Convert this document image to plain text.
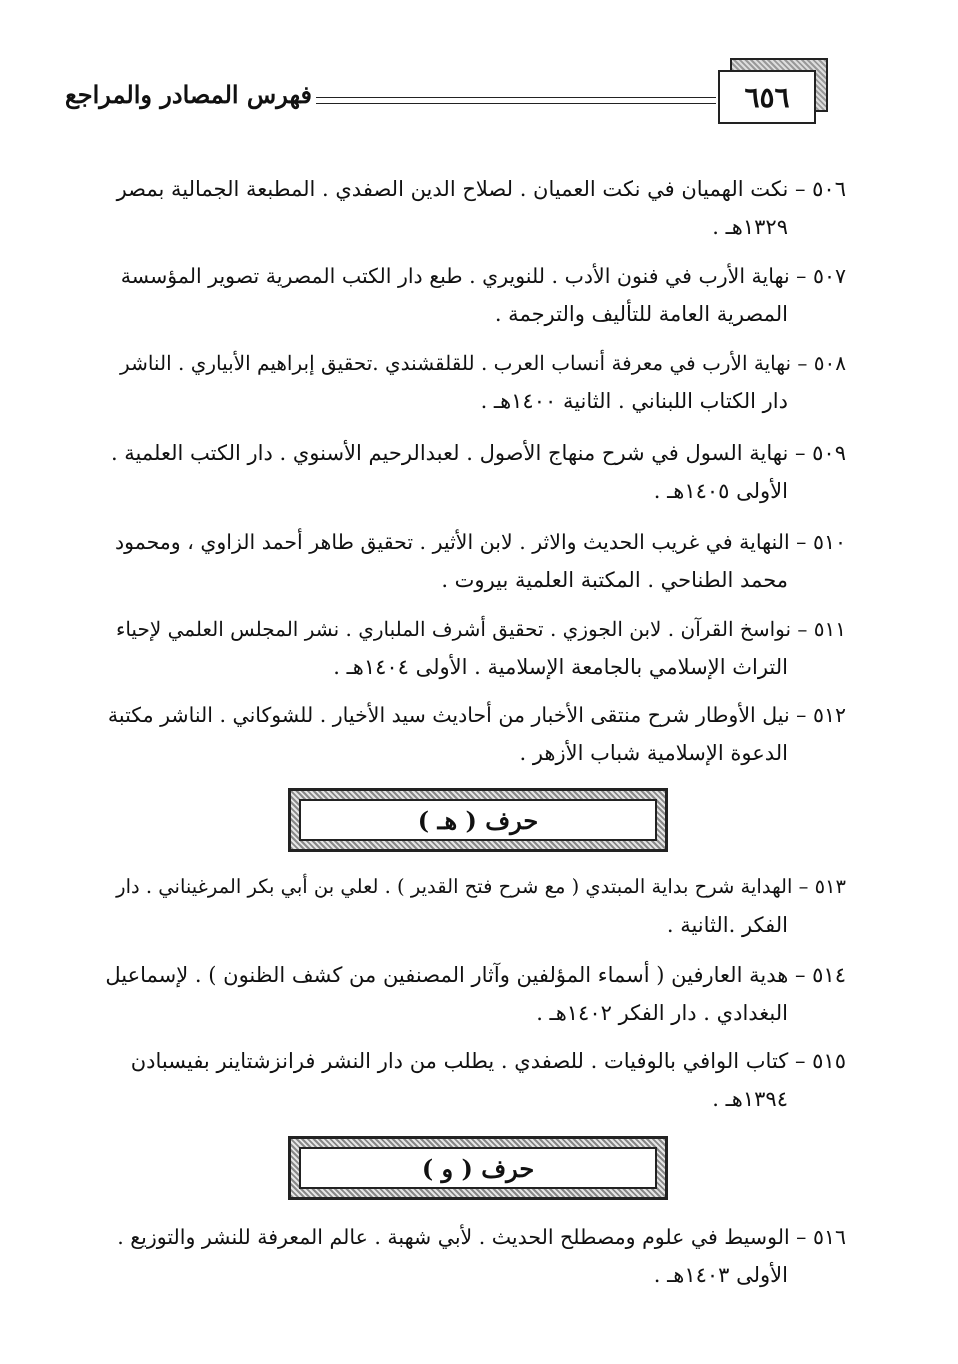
٦٥٦
فهرس المصادر والمراجع
٥٠٦ – نكت الهميان في نكت العميان . لصلاح الدين الصفدي . المطبعة الجمالية بمصر
١٣٢٩هـ .
٥٠٧ – نهاية الأرب في فنون الأدب . للنويري . طبع دار الكتب المصرية تصوير المؤسسة
المصرية العامة للتأليف والترجمة .
٥٠٨ – نهاية الأرب في معرفة أنساب العرب . للقلقشندي .تحقيق إبراهيم الأبياري . الناشر
دار الكتاب اللبناني . الثانية ١٤٠٠هـ .
٥٠٩ – نهاية السول في شرح منهاج الأصول . لعبدالرحيم الأسنوي . دار الكتب العلمية .
الأولى ١٤٠٥هـ .
٥١٠ – النهاية في غريب الحديث والاثر . لابن الأثير . تحقيق طاهر أحمد الزاوي ، ومحمود
محمد الطناحي . المكتبة العلمية بيروت .
٥١١ – نواسخ القرآن . لابن الجوزي . تحقيق أشرف الملباري . نشر المجلس العلمي لإحياء
التراث الإسلامي بالجامعة الإسلامية . الأولى ١٤٠٤هـ .
٥١٢ – نيل الأوطار شرح منتقى الأخبار من أحاديث سيد الأخيار . للشوكاني . الناشر مكتبة
الدعوة الإسلامية شباب الأزهر .
حرف ( هـ )
٥١٣ – الهداية شرح بداية المبتدي ( مع شرح فتح القدير ) . لعلي بن أبي بكر المرغيناني . دار
الفكر .الثانية .
٥١٤ – هدية العارفين ( أسماء المؤلفين وآثار المصنفين من كشف الظنون ) . لإسماعيل
البغدادي . دار الفكر ١٤٠٢هـ .
٥١٥ – كتاب الوافي بالوفيات . للصفدي . يطلب من دار النشر فرانزشتاينر بفيسبادن
١٣٩٤هـ .
حرف ( و )
٥١٦ – الوسيط في علوم ومصطلح الحديث . لأبي شهبة . عالم المعرفة للنشر والتوزيع .
الأولى ١٤٠٣هـ .
